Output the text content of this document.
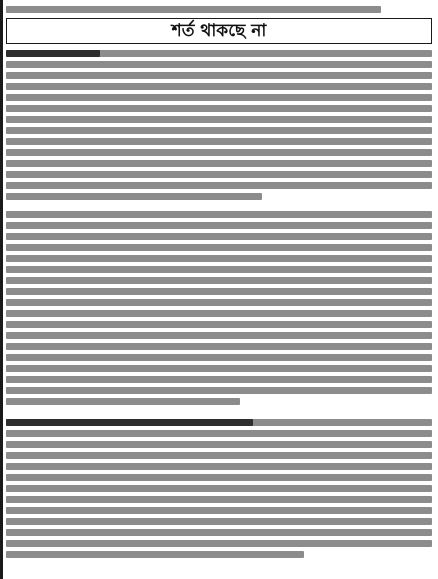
শর্ত থাকছে না
